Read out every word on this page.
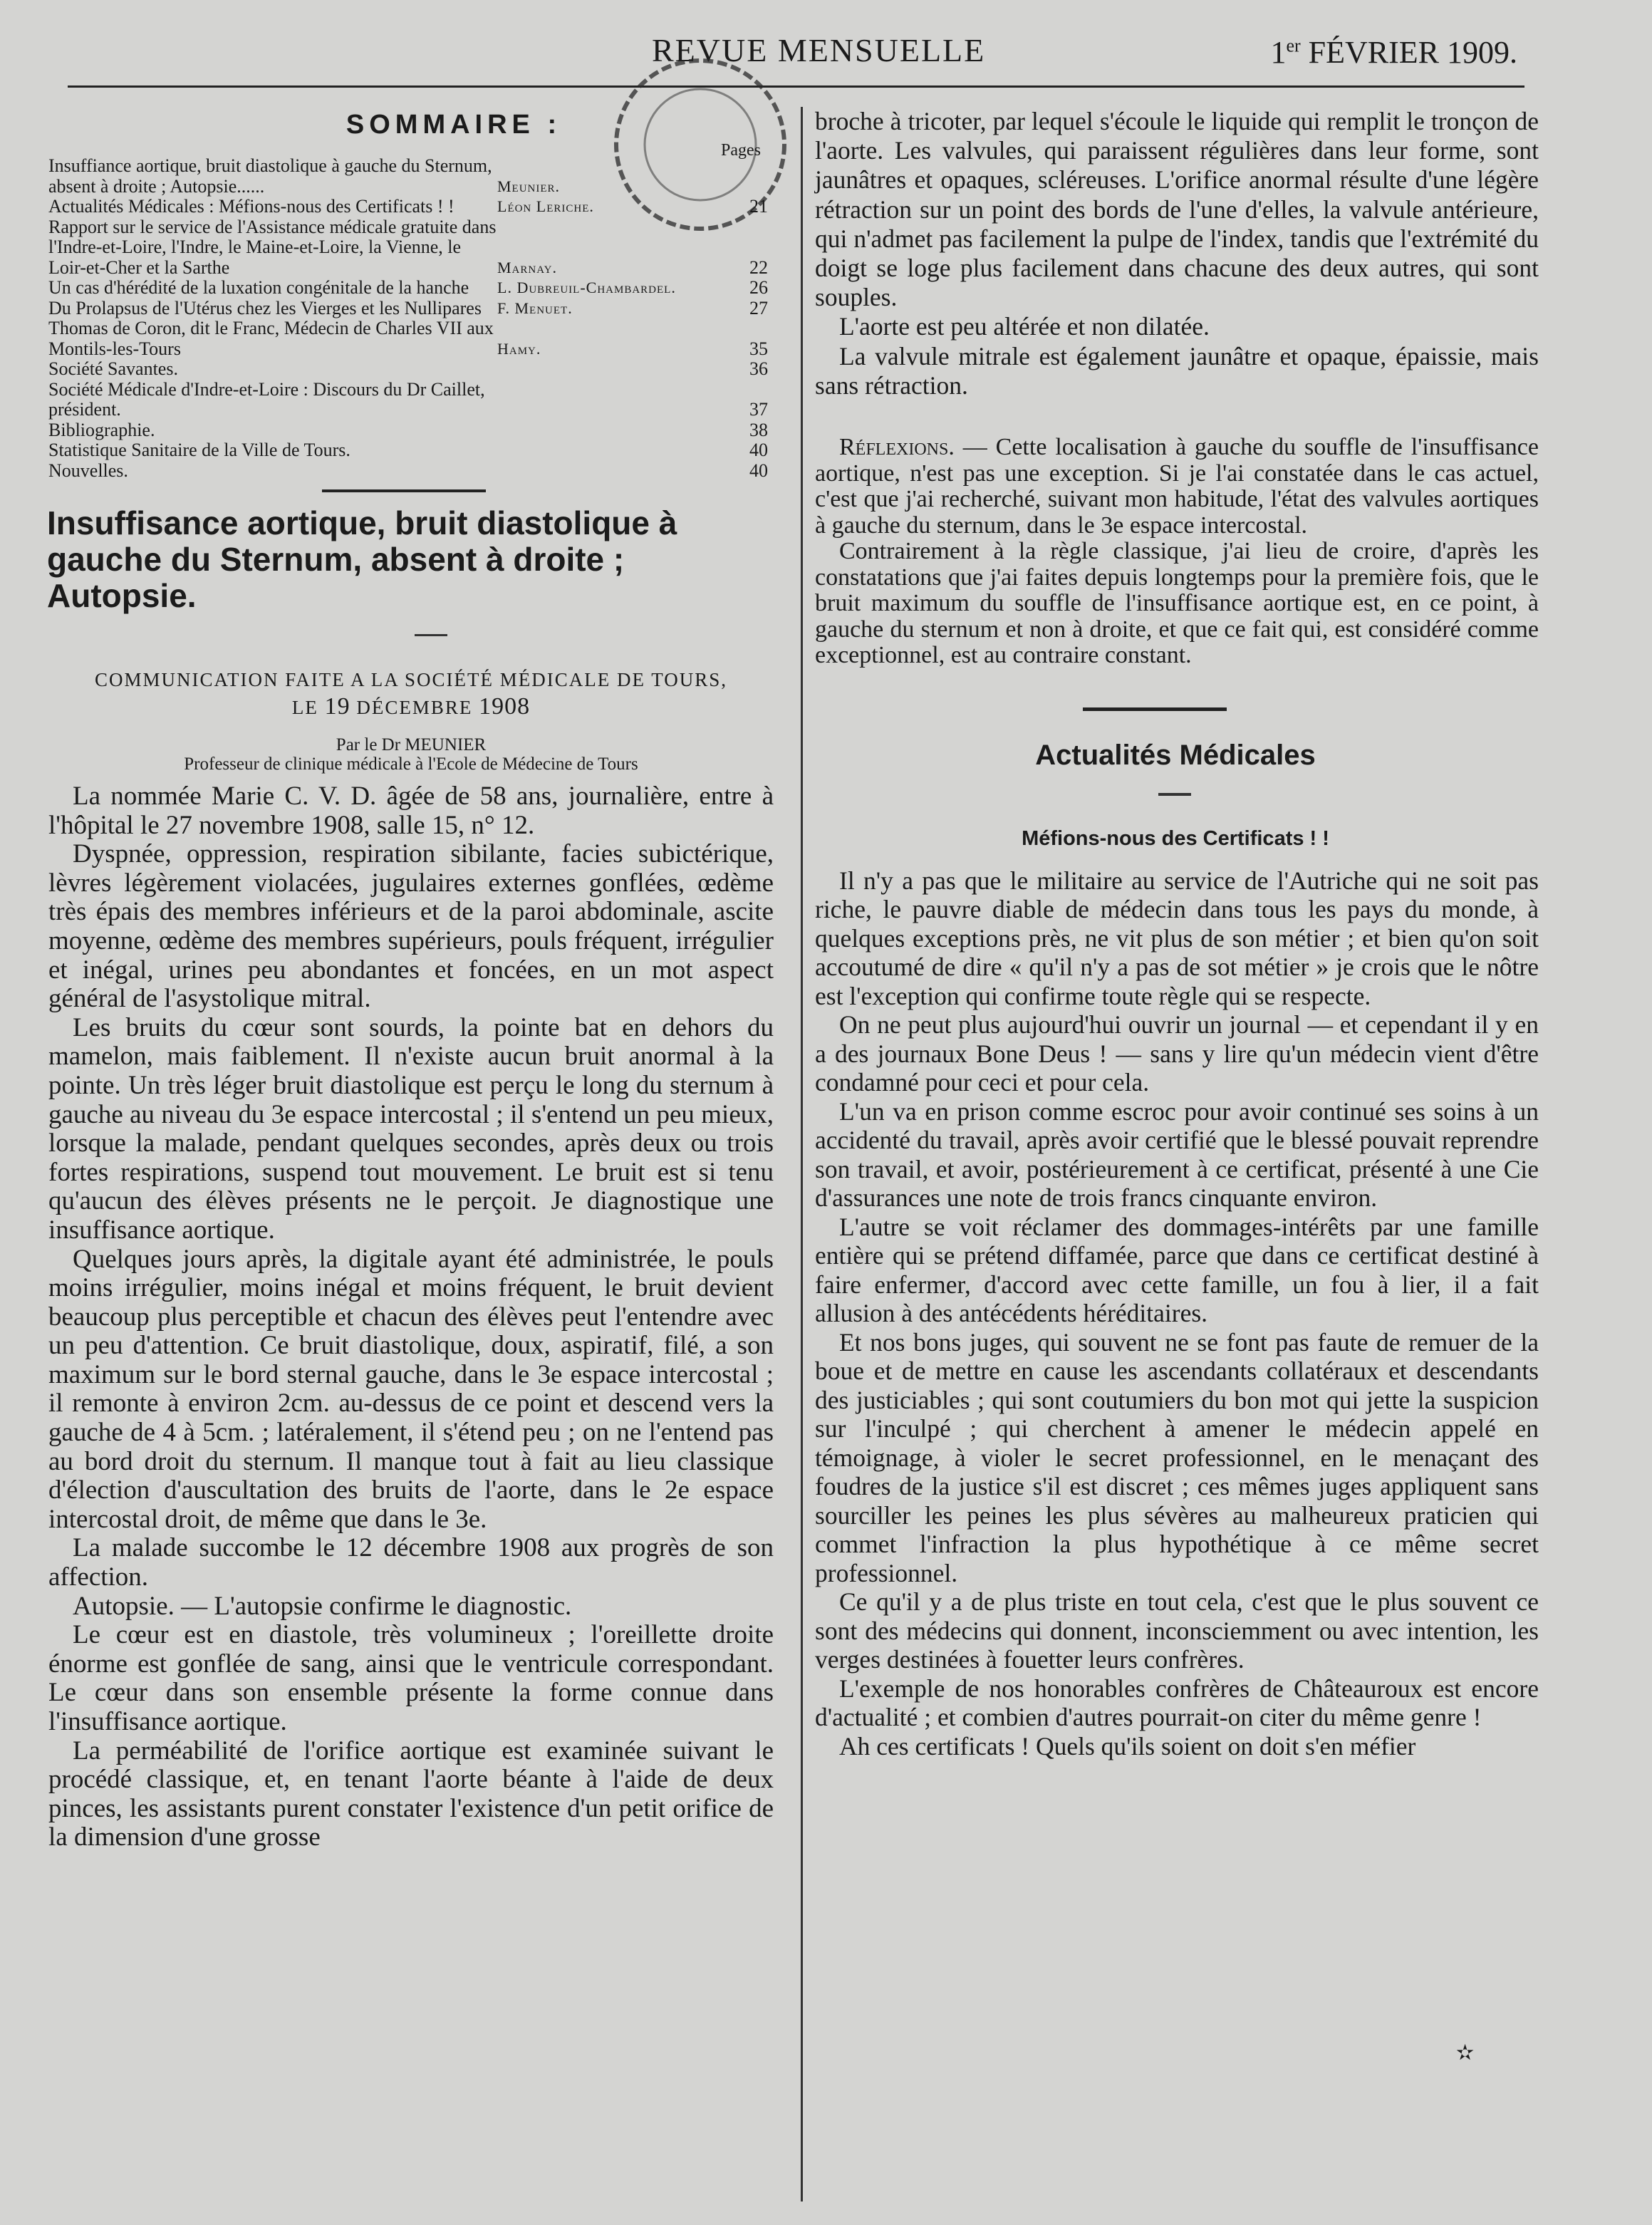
REVUE MENSUELLE	1er FÉVRIER 1909.
SOMMAIRE :
Pages
Insuffiance aortique, bruit diastolique à gauche du Sternum, absent à droite ; Autopsie......	Meunier.
Actualités Médicales : Méfions-nous des Certificats ! !	Léon Leriche.	21
Rapport sur le service de l'Assistance médicale gratuite dans l'Indre-et-Loire, l'Indre, le Maine-et-Loire, la Vienne, le Loir-et-Cher et la Sarthe	Marnay.	22
Un cas d'hérédité de la luxation congénitale de la hanche	L. Dubreuil-Chambardel.	26
Du Prolapsus de l'Utérus chez les Vierges et les Nullipares	F. Menuet.	27
Thomas de Coron, dit le Franc, Médecin de Charles VII aux Montils-les-Tours	Hamy.	35
Société Savantes.	36
Société Médicale d'Indre-et-Loire : Discours du Dr Caillet, président.	37
Bibliographie.	38
Statistique Sanitaire de la Ville de Tours.	40
Nouvelles.	40
Insuffisance aortique, bruit diastolique à gauche du Sternum, absent à droite ; Autopsie.
COMMUNICATION FAITE A LA SOCIÉTÉ MÉDICALE DE TOURS,
LE 19 DÉCEMBRE 1908
Par le Dr MEUNIER
Professeur de clinique médicale à l'Ecole de Médecine de Tours

La nommée Marie C. V. D. âgée de 58 ans, journalière, entre à l'hôpital le 27 novembre 1908, salle 15, n° 12.

Dyspnée, oppression, respiration sibilante, facies subictérique, lèvres légèrement violacées, jugulaires externes gonflées, œdème très épais des membres inférieurs et de la paroi abdominale, ascite moyenne, œdème des membres supérieurs, pouls fréquent, irrégulier et inégal, urines peu abondantes et foncées, en un mot aspect général de l'asystolique mitral.

Les bruits du cœur sont sourds, la pointe bat en dehors du mamelon, mais faiblement. Il n'existe aucun bruit anormal à la pointe. Un très léger bruit diastolique est perçu le long du sternum à gauche au niveau du 3e espace intercostal ; il s'entend un peu mieux, lorsque la malade, pendant quelques secondes, après deux ou trois fortes respirations, suspend tout mouvement. Le bruit est si tenu qu'aucun des élèves présents ne le perçoit. Je diagnostique une insuffisance aortique.

Quelques jours après, la digitale ayant été administrée, le pouls moins irrégulier, moins inégal et moins fréquent, le bruit devient beaucoup plus perceptible et chacun des élèves peut l'entendre avec un peu d'attention. Ce bruit diastolique, doux, aspiratif, filé, a son maximum sur le bord sternal gauche, dans le 3e espace intercostal ; il remonte à environ 2cm. au-dessus de ce point et descend vers la gauche de 4 à 5cm. ; latéralement, il s'étend peu ; on ne l'entend pas au bord droit du sternum. Il manque tout à fait au lieu classique d'élection d'auscultation des bruits de l'aorte, dans le 2e espace intercostal droit, de même que dans le 3e.

La malade succombe le 12 décembre 1908 aux progrès de son affection.

Autopsie. — L'autopsie confirme le diagnostic.

Le cœur est en diastole, très volumineux ; l'oreillette droite énorme est gonflée de sang, ainsi que le ventricule correspondant. Le cœur dans son ensemble présente la forme connue dans l'insuffisance aortique.

La perméabilité de l'orifice aortique est examinée suivant le procédé classique, et, en tenant l'aorte béante à l'aide de deux pinces, les assistants purent constater l'existence d'un petit orifice de la dimension d'une grosse

broche à tricoter, par lequel s'écoule le liquide qui remplit le tronçon de l'aorte. Les valvules, qui paraissent régulières dans leur forme, sont jaunâtres et opaques, scléreuses. L'orifice anormal résulte d'une légère rétraction sur un point des bords de l'une d'elles, la valvule antérieure, qui n'admet pas facilement la pulpe de l'index, tandis que l'extrémité du doigt se loge plus facilement dans chacune des deux autres, qui sont souples.

L'aorte est peu altérée et non dilatée.

La valvule mitrale est également jaunâtre et opaque, épaissie, mais sans rétraction.

Réflexions. — Cette localisation à gauche du souffle de l'insuffisance aortique, n'est pas une exception. Si je l'ai constatée dans le cas actuel, c'est que j'ai recherché, suivant mon habitude, l'état des valvules aortiques à gauche du sternum, dans le 3e espace intercostal.

Contrairement à la règle classique, j'ai lieu de croire, d'après les constatations que j'ai faites depuis longtemps pour la première fois, que le bruit maximum du souffle de l'insuffisance aortique est, en ce point, à gauche du sternum et non à droite, et que ce fait qui, est considéré comme exceptionnel, est au contraire constant.

Actualités Médicales
Méfions-nous des Certificats ! !

Il n'y a pas que le militaire au service de l'Autriche qui ne soit pas riche, le pauvre diable de médecin dans tous les pays du monde, à quelques exceptions près, ne vit plus de son métier ; et bien qu'on soit accoutumé de dire « qu'il n'y a pas de sot métier » je crois que le nôtre est l'exception qui confirme toute règle qui se respecte.

On ne peut plus aujourd'hui ouvrir un journal — et cependant il y en a des journaux Bone Deus ! — sans y lire qu'un médecin vient d'être condamné pour ceci et pour cela.

L'un va en prison comme escroc pour avoir continué ses soins à un accidenté du travail, après avoir certifié que le blessé pouvait reprendre son travail, et avoir, postérieurement à ce certificat, présenté à une Cie d'assurances une note de trois francs cinquante environ.

L'autre se voit réclamer des dommages-intérêts par une famille entière qui se prétend diffamée, parce que dans ce certificat destiné à faire enfermer, d'accord avec cette famille, un fou à lier, il a fait allusion à des antécédents héréditaires.

Et nos bons juges, qui souvent ne se font pas faute de remuer de la boue et de mettre en cause les ascendants collatéraux et descendants des justiciables ; qui sont coutumiers du bon mot qui jette la suspicion sur l'inculpé ; qui cherchent à amener le médecin appelé en témoignage, à violer le secret professionnel, en le menaçant des foudres de la justice s'il est discret ; ces mêmes juges appliquent sans sourciller les peines les plus sévères au malheureux praticien qui commet l'infraction la plus hypothétique à ce même secret professionnel.

Ce qu'il y a de plus triste en tout cela, c'est que le plus souvent ce sont des médecins qui donnent, inconsciemment ou avec intention, les verges destinées à fouetter leurs confrères.

L'exemple de nos honorables confrères de Châteauroux est encore d'actualité ; et combien d'autres pourrait-on citer du même genre !

Ah ces certificats ! Quels qu'ils soient on doit s'en méfier

✫
